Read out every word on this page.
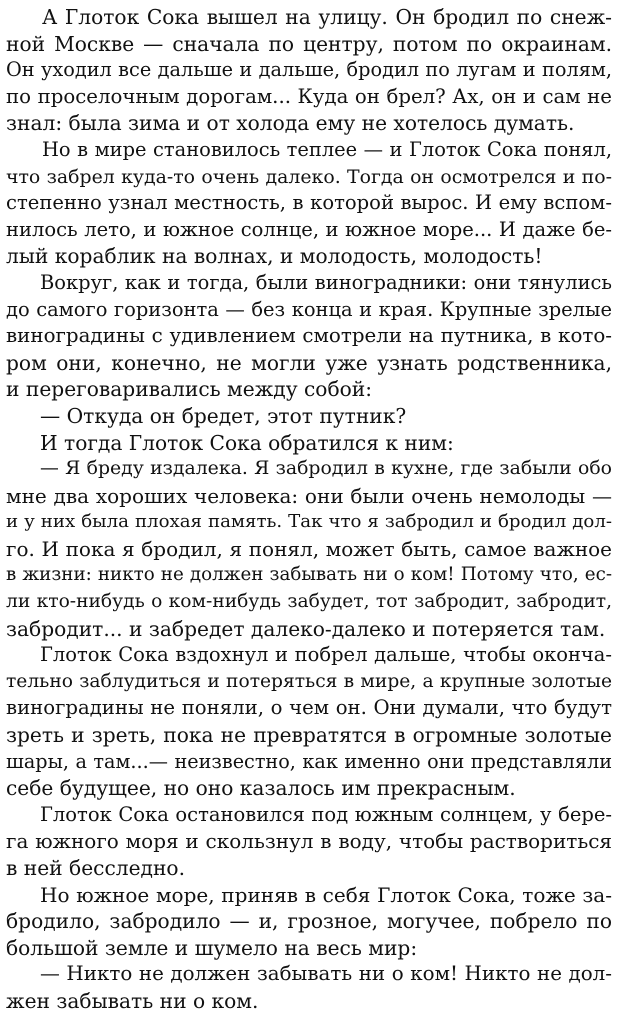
А Глоток Сока вышел на улицу. Он бродил по снеж-
ной Москве — сначала по центру, потом по окраинам.
Он уходил все дальше и дальше, бродил по лугам и полям,
по проселочным дорогам... Куда он брел? Ах, он и сам не
знал: была зима и от холода ему не хотелось думать.
Но в мире становилось теплее — и Глоток Сока понял,
что забрел куда-то очень далеко. Тогда он осмотрелся и по-
степенно узнал местность, в которой вырос. И ему вспом-
нилось лето, и южное солнце, и южное море... И даже бе-
лый кораблик на волнах, и молодость, молодость!
Вокруг, как и тогда, были виноградники: они тянулись
до самого горизонта — без конца и края. Крупные зрелые
виноградины с удивлением смотрели на путника, в кото-
ром они, конечно, не могли уже узнать родственника,
и переговаривались между собой:
— Откуда он бредет, этот путник?
И тогда Глоток Сока обратился к ним:
— Я бреду издалека. Я забродил в кухне, где забыли обо
мне два хороших человека: они были очень немолоды —
и у них была плохая память. Так что я забродил и бродил дол-
го. И пока я бродил, я понял, может быть, самое важное
в жизни: никто не должен забывать ни о ком! Потому что, ес-
ли кто-нибудь о ком-нибудь забудет, тот забродит, забродит,
забродит... и забредет далеко-далеко и потеряется там.
Глоток Сока вздохнул и побрел дальше, чтобы оконча-
тельно заблудиться и потеряться в мире, а крупные золотые
виноградины не поняли, о чем он. Они думали, что будут
зреть и зреть, пока не превратятся в огромные золотые
шары, а там...— неизвестно, как именно они представляли
себе будущее, но оно казалось им прекрасным.
Глоток Сока остановился под южным солнцем, у бере-
га южного моря и скользнул в воду, чтобы раствориться
в ней бесследно.
Но южное море, приняв в себя Глоток Сока, тоже за-
бродило, забродило — и, грозное, могучее, побрело по
большой земле и шумело на весь мир:
— Никто не должен забывать ни о ком! Никто не дол-
жен забывать ни о ком.
